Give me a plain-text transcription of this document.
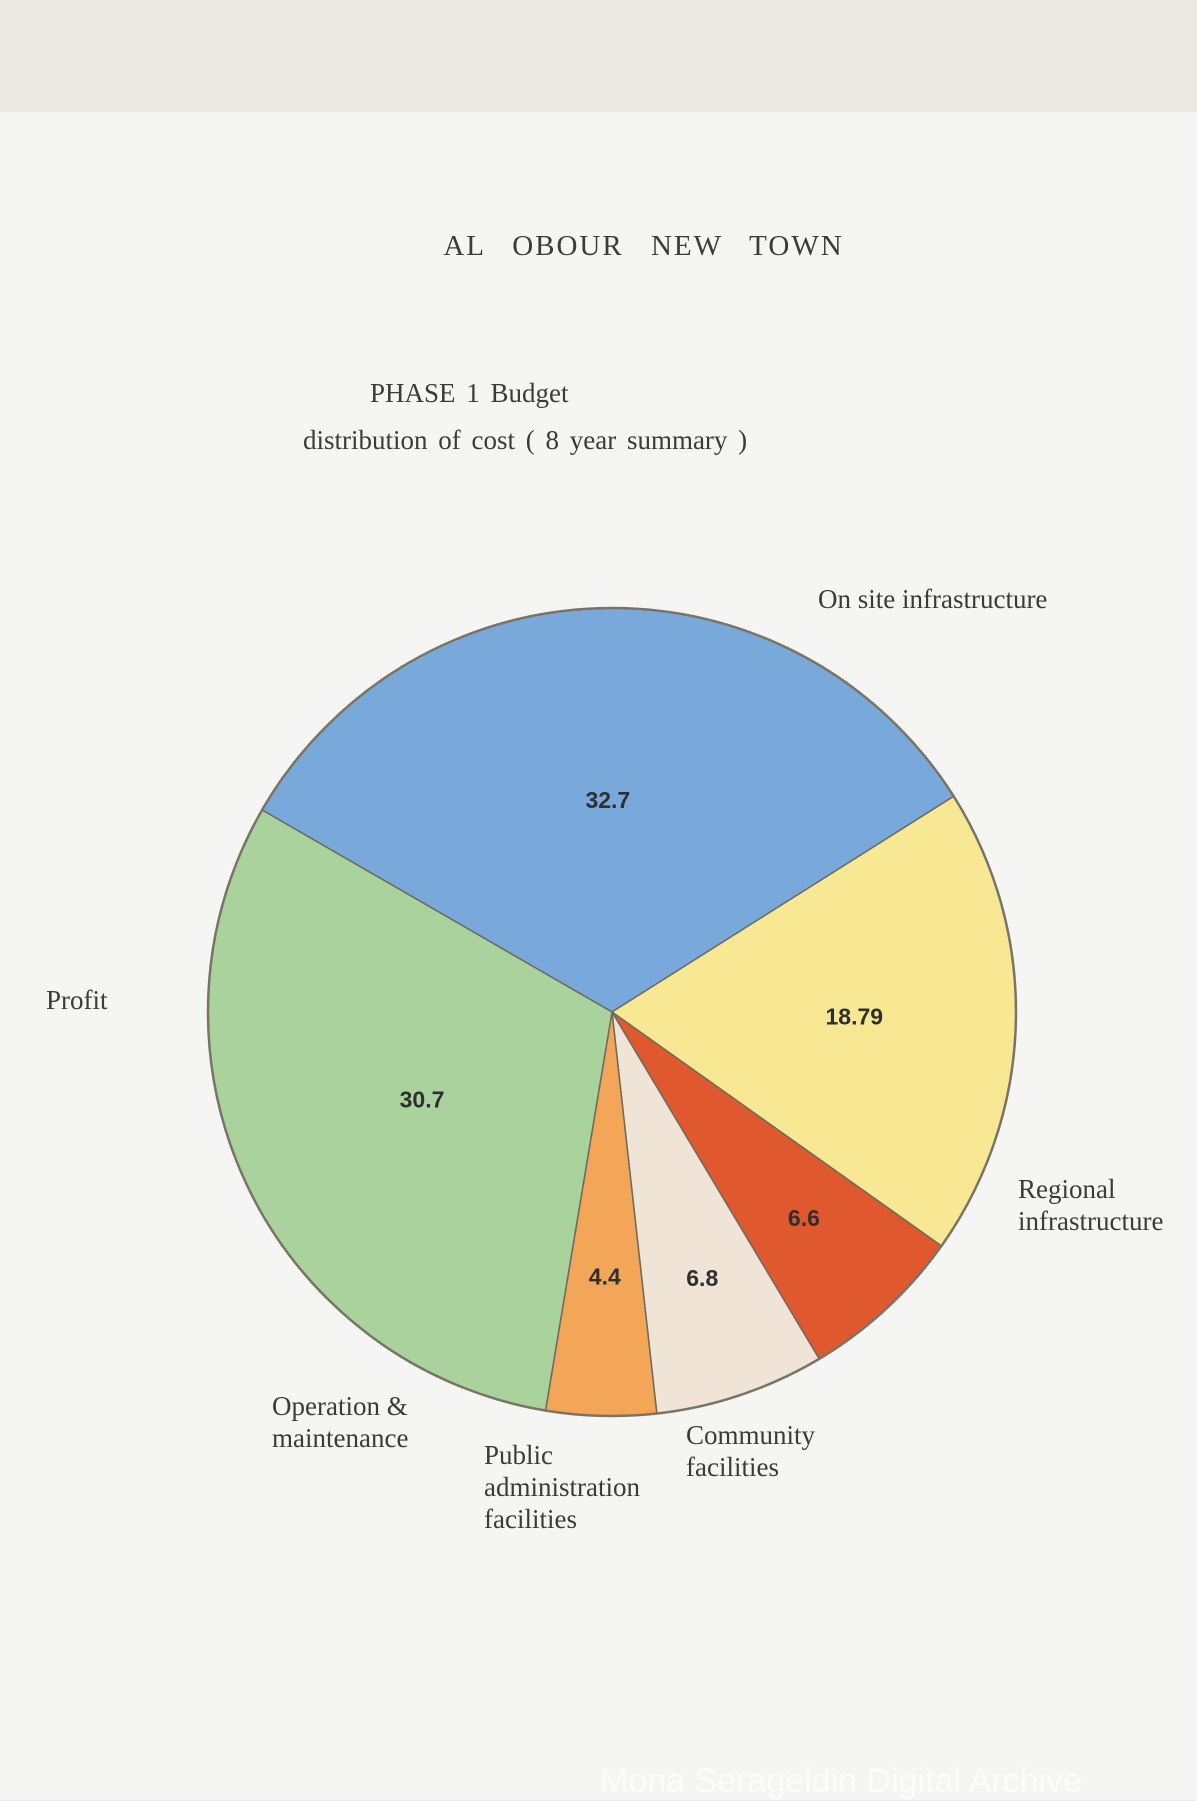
AL OBOUR NEW TOWN
PHASE 1 Budget
distribution of cost ( 8 year summary )
32.7
18.79
6.6
6.8
4.4
30.7
On site infrastructure
Regional
infrastructure
Community
facilities
Public
administration
facilities
Operation &
maintenance
Profit
Mona Serageldin Digital Archive
